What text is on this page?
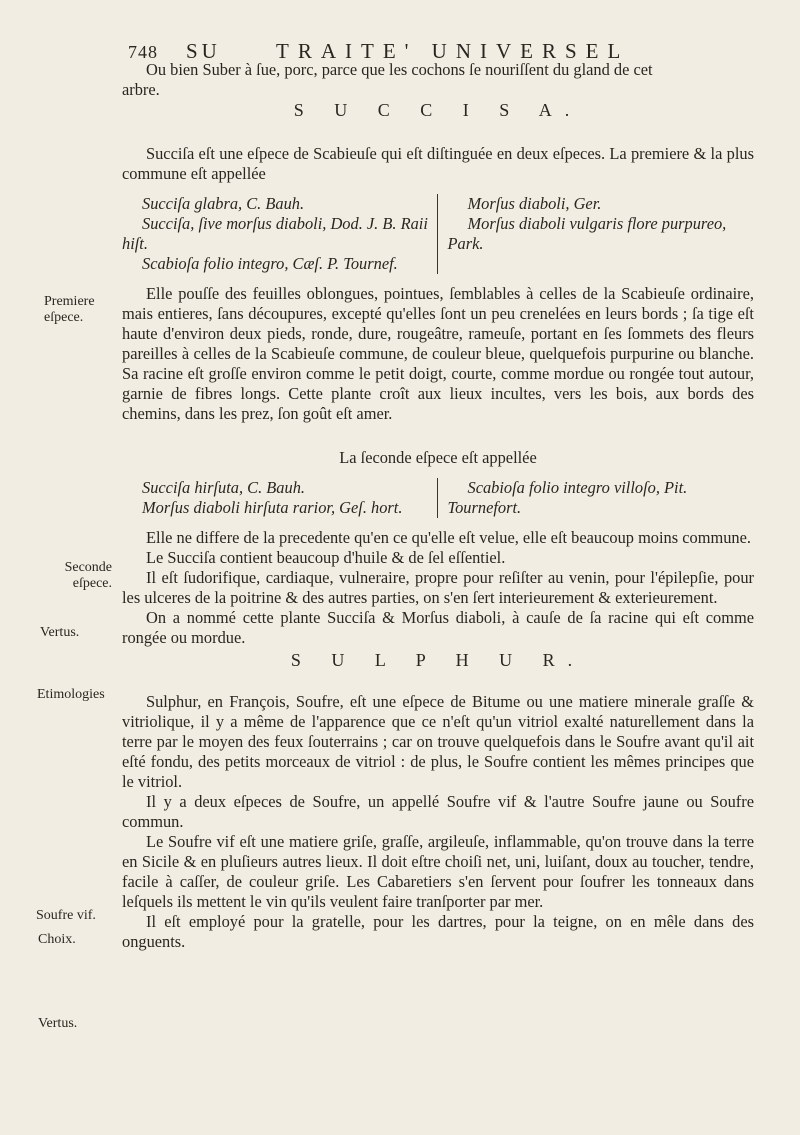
748 SU	TRAITE' UNIVERSEL

Ou bien Suber à ſue, porc, parce que les cochons ſe nouriſſent du gland de cet

arbre.

S U C C I S A.

Succiſa eſt une eſpece de Scabieuſe qui eſt diſtinguée en deux eſpeces. La premiere & la plus commune eſt appellée

Succiſa glabra, C. Bauh.

Succiſa, ſive morſus diaboli, Dod. J. B. Raii hiſt.

Scabioſa folio integro, Cæſ. P. Tournef.

Morſus diaboli, Ger.

Morſus diaboli vulgaris flore purpureo, Park.

Elle pouſſe des feuilles oblongues, pointues, ſemblables à celles de la Scabieuſe ordinaire, mais entieres, ſans découpures, excepté qu'elles ſont un peu crenelées en leurs bords ; ſa tige eſt haute d'environ deux pieds, ronde, dure, rougeâtre, rameuſe, portant en ſes ſommets des fleurs pareilles à celles de la Scabieuſe commune, de couleur bleue, quelquefois purpurine ou blanche. Sa racine eſt groſſe environ comme le petit doigt, courte, comme mordue ou rongée tout autour, garnie de fibres longs. Cette plante croît aux lieux incultes, vers les bois, aux bords des chemins, dans les prez, ſon goût eſt amer.

La ſeconde eſpece eſt appellée

Succiſa hirſuta, C. Bauh.

Morſus diaboli hirſuta rarior, Geſ. hort.

Scabioſa folio integro villoſo, Pit. Tournefort.

Elle ne differe de la precedente qu'en ce qu'elle eſt velue, elle eſt beaucoup moins commune.

Le Succiſa contient beaucoup d'huile & de ſel eſſentiel.

Il eſt ſudorifique, cardiaque, vulneraire, propre pour reſiſter au venin, pour l'épilepſie, pour les ulceres de la poitrine & des autres parties, on s'en ſert interieurement & exterieurement.

On a nommé cette plante Succiſa & Morſus diaboli, à cauſe de ſa racine qui eſt comme rongée ou mordue.

S U L P H U R.

Sulphur, en François, Soufre, eſt une eſpece de Bitume ou une matiere minerale graſſe & vitriolique, il y a même de l'apparence que ce n'eſt qu'un vitriol exalté naturellement dans la terre par le moyen des feux ſouterrains ; car on trouve quelquefois dans le Soufre avant qu'il ait eſté fondu, des petits morceaux de vitriol : de plus, le Soufre contient les mêmes principes que le vitriol.

Il y a deux eſpeces de Soufre, un appellé Soufre vif & l'autre Soufre jaune ou Soufre commun.

Le Soufre vif eſt une matiere griſe, graſſe, argileuſe, inflammable, qu'on trouve dans la terre en Sicile & en pluſieurs autres lieux. Il doit eſtre choiſi net, uni, luiſant, doux au toucher, tendre, facile à caſſer, de couleur griſe. Les Cabaretiers s'en ſervent pour ſoufrer les tonneaux dans leſquels ils mettent le vin qu'ils veulent faire tranſporter par mer.

Il eſt employé pour la gratelle, pour les dartres, pour la teigne, on en mêle dans des onguents.

Premiere eſpece.
Seconde eſpece.
Vertus.
Etimologies
Soufre vif.
Choix.
Vertus.
